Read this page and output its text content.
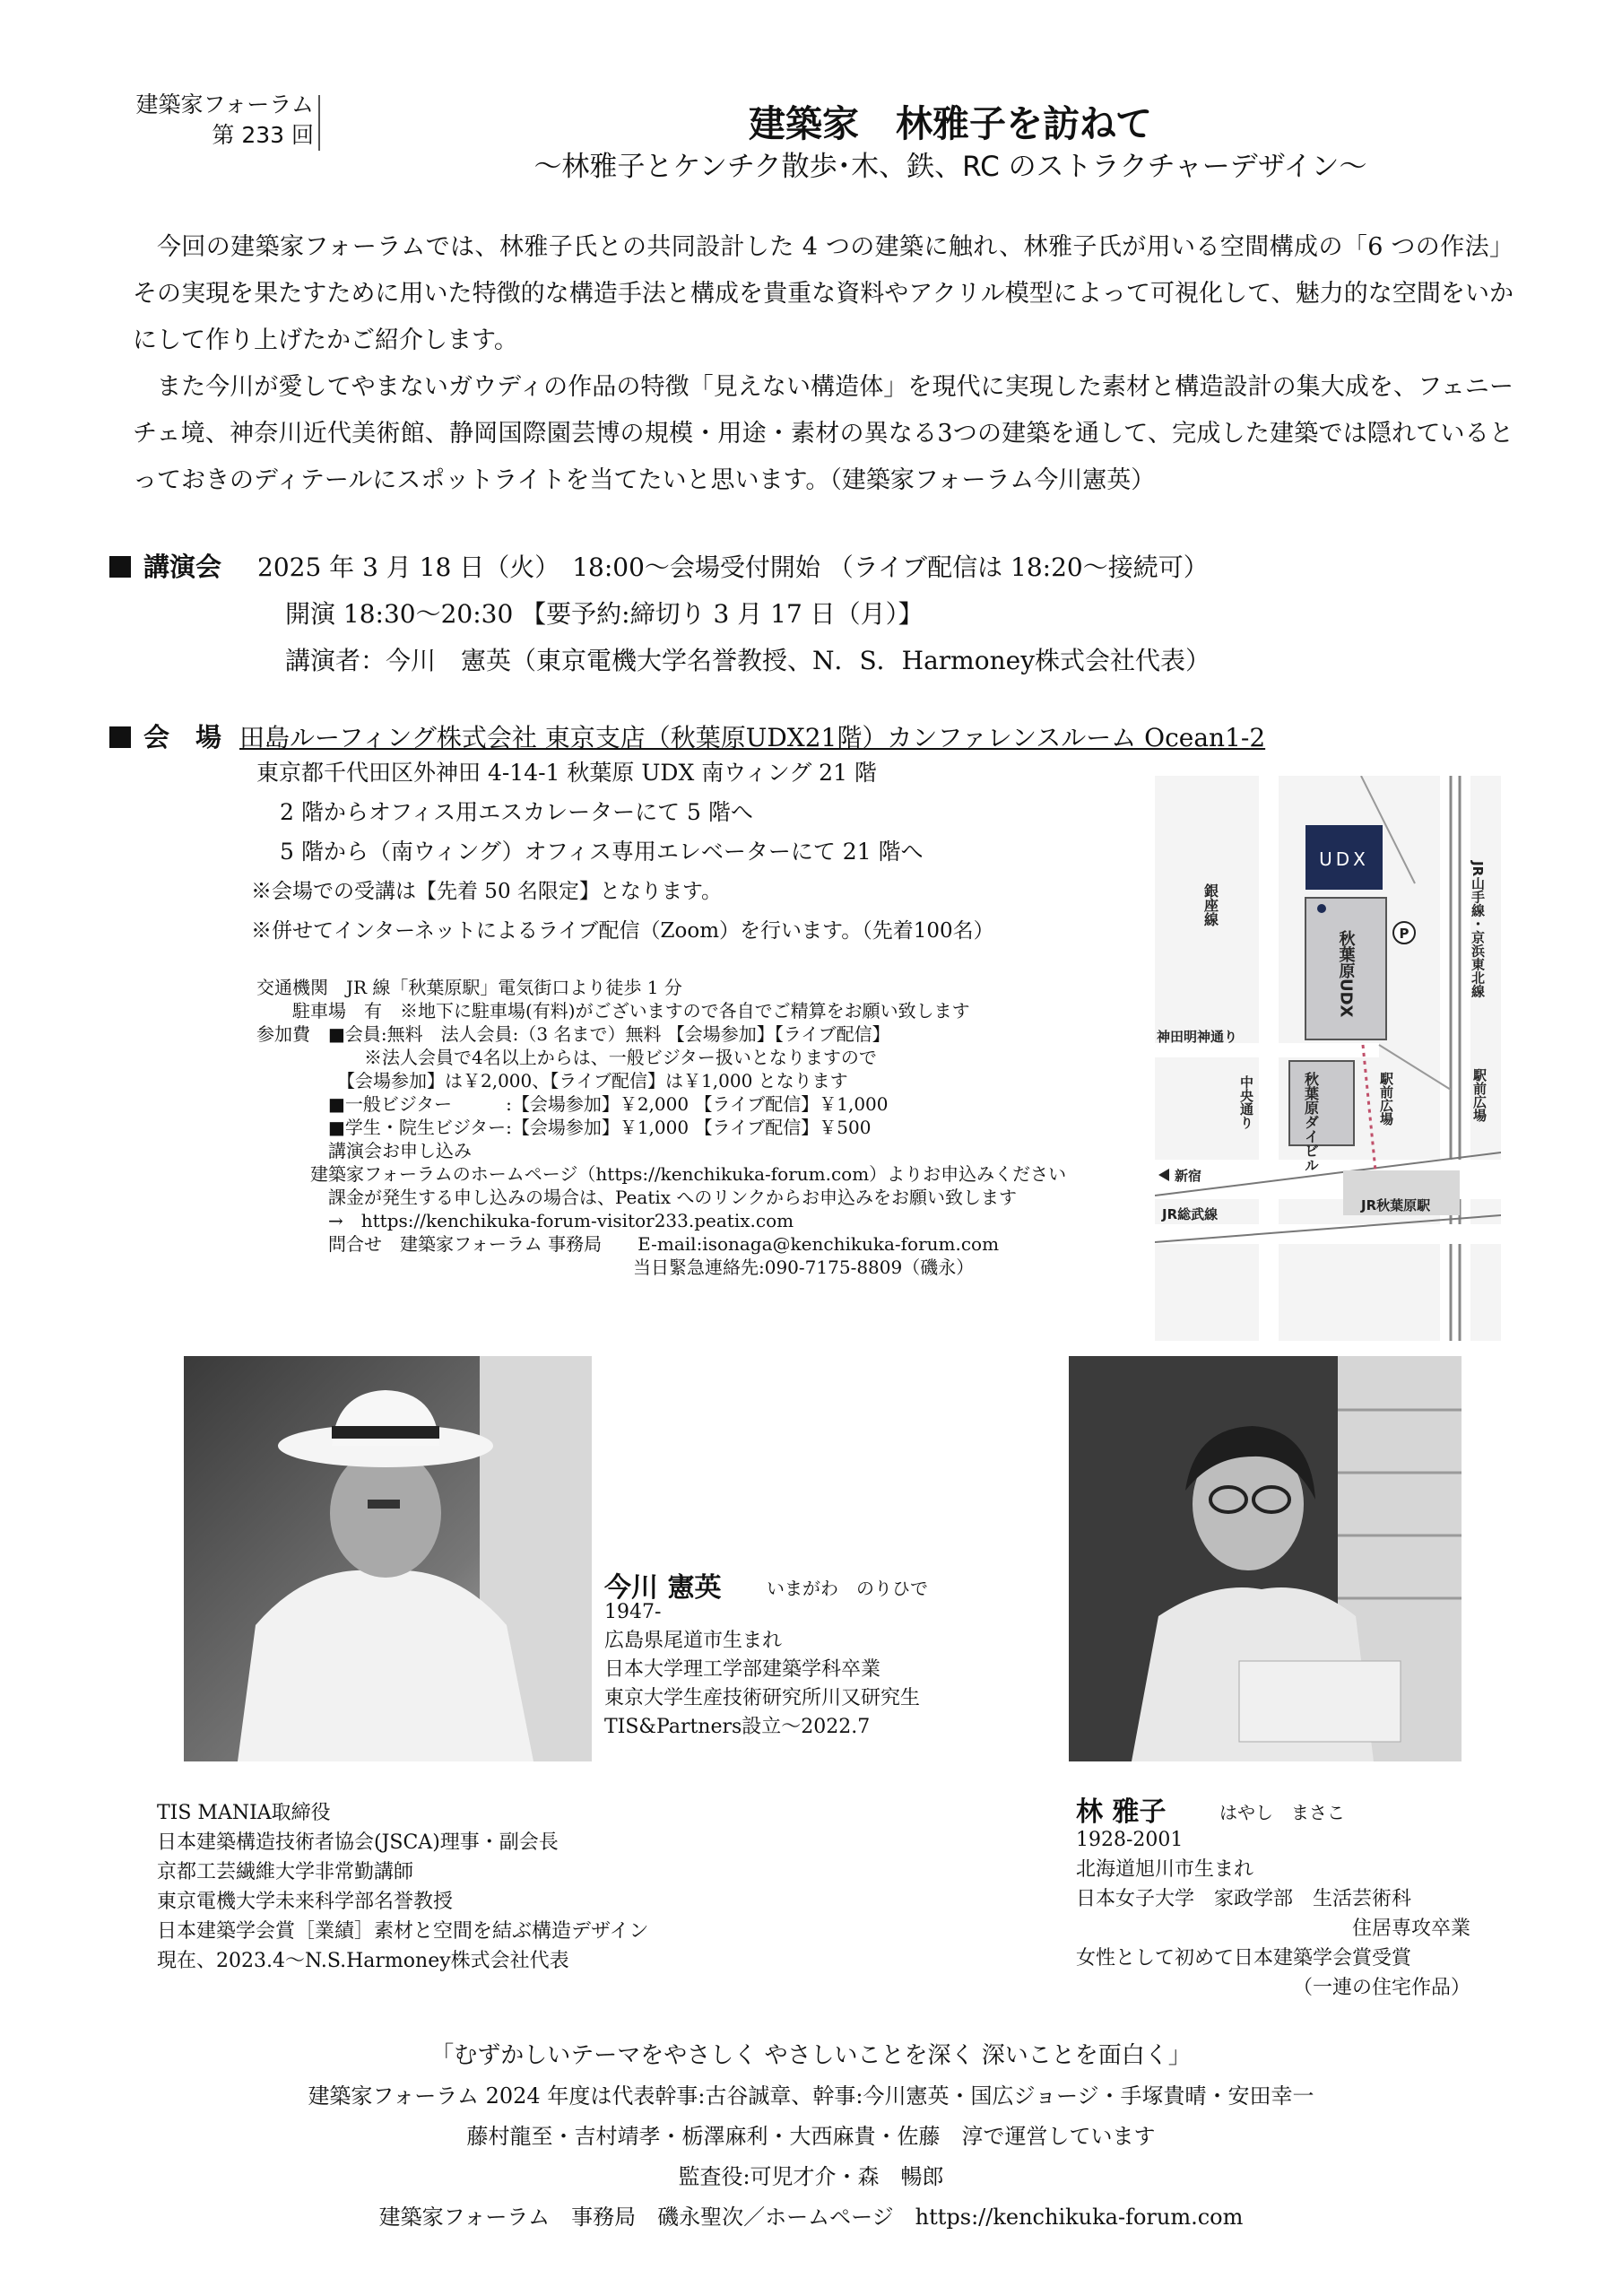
建築家フォーラム
第 233 回	建築家　林雅子を訪ねて
～林雅子とケンチク散歩･木、鉄、RC のストラクチャーデザイン～

今回の建築家フォーラムでは、林雅子氏との共同設計した 4 つの建築に触れ、林雅子氏が用いる空間構成の「6 つの作法」その実現を果たすために用いた特徴的な構造手法と構成を貴重な資料やアクリル模型によって可視化して、魅力的な空間をいかにして作り上げたかご紹介します。

また今川が愛してやまないガウディの作品の特徴「見えない構造体」を現代に実現した素材と構造設計の集大成を、フェニーチェ境、神奈川近代美術館、静岡国際園芸博の規模・用途・素材の異なる3つの建築を通して、完成した建築では隠れているとっておきのディテールにスポットライトを当てたいと思います。（建築家フォーラム今川憲英）

講演会 2025 年 3 月 18 日（火）　18:00～会場受付開始 （ライブ配信は 18:20～接続可）
開演 18:30～20:30 【要予約:締切り 3 月 17 日（月）】
講演者：今川　憲英（東京電機大学名誉教授、N．S．Harmoney株式会社代表）
会　場 田島ルーフィング株式会社 東京支店（秋葉原UDX21階）カンファレンスルーム Ocean1-2
東京都千代田区外神田 4-14-1 秋葉原 UDX 南ウィング 21 階
2 階からオフィス用エスカレーターにて 5 階へ
5 階から（南ウィング）オフィス専用エレベーターにて 21 階へ
※会場での受講は【先着 50 名限定】となります。
※併せてインターネットによるライブ配信（Zoom）を行います。（先着100名）
交通機関　JR 線「秋葉原駅」電気街口より徒歩 1 分
　　駐車場　有　※地下に駐車場(有料)がございますので各自でご精算をお願い致します
参加費　■会員:無料　法人会員:（3 名まで）無料 【会場参加】【ライブ配信】
　　　　　　※法人会員で4名以上からは、一般ビジター扱いとなりますので
　　　　　【会場参加】は￥2,000、【ライブ配信】は￥1,000 となります
　　　　■一般ビジター　　　:【会場参加】￥2,000 【ライブ配信】￥1,000
　　　　■学生・院生ビジター:【会場参加】￥1,000 【ライブ配信】￥500
　　　　講演会お申し込み
　　　建築家フォーラムのホームページ（https://kenchikuka-forum.com）よりお申込みください
　　　　課金が発生する申し込みの場合は、Peatix へのリンクからお申込みをお願い致します
　　　　→　https://kenchikuka-forum-visitor233.peatix.com
　　　　問合せ　建築家フォーラム 事務局　　E-mail:isonaga@kenchikuka-forum.com
　　　　　　　　　　　　　　　　　　　　　当日緊急連絡先:090-7175-8809（磯永）
UDX
秋葉原UDX	P
秋葉原ダイビル
銀座線	JR山手線・京浜東北線
神田明神通り
中央通り	駅前広場	駅前広場
新宿
JR秋葉原駅
JR総武線
今川 憲英	いまがわ　のりひで
1947-
広島県尾道市生まれ
日本大学理工学部建築学科卒業
東京大学生産技術研究所川又研究生
TIS&Partners設立～2022.7
TIS MANIA取締役
日本建築構造技術者協会(JSCA)理事・副会長
京都工芸繊維大学非常勤講師
東京電機大学未来科学部名誉教授
日本建築学会賞［業績］素材と空間を結ぶ構造デザイン
現在、2023.4～N.S.Harmoney株式会社代表
林 雅子	はやし　まさこ
1928-2001
北海道旭川市生まれ
日本女子大学　家政学部　生活芸術科
住居専攻卒業
女性として初めて日本建築学会賞受賞
（一連の住宅作品）
「むずかしいテーマをやさしく やさしいことを深く 深いことを面白く」
建築家フォーラム 2024 年度は代表幹事:古谷誠章、幹事:今川憲英・国広ジョージ・手塚貴晴・安田幸一
藤村龍至・吉村靖孝・栃澤麻利・大西麻貴・佐藤　淳で運営しています
監査役:可児才介・森　暢郎
建築家フォーラム　事務局　磯永聖次／ホームページ　https://kenchikuka-forum.com
